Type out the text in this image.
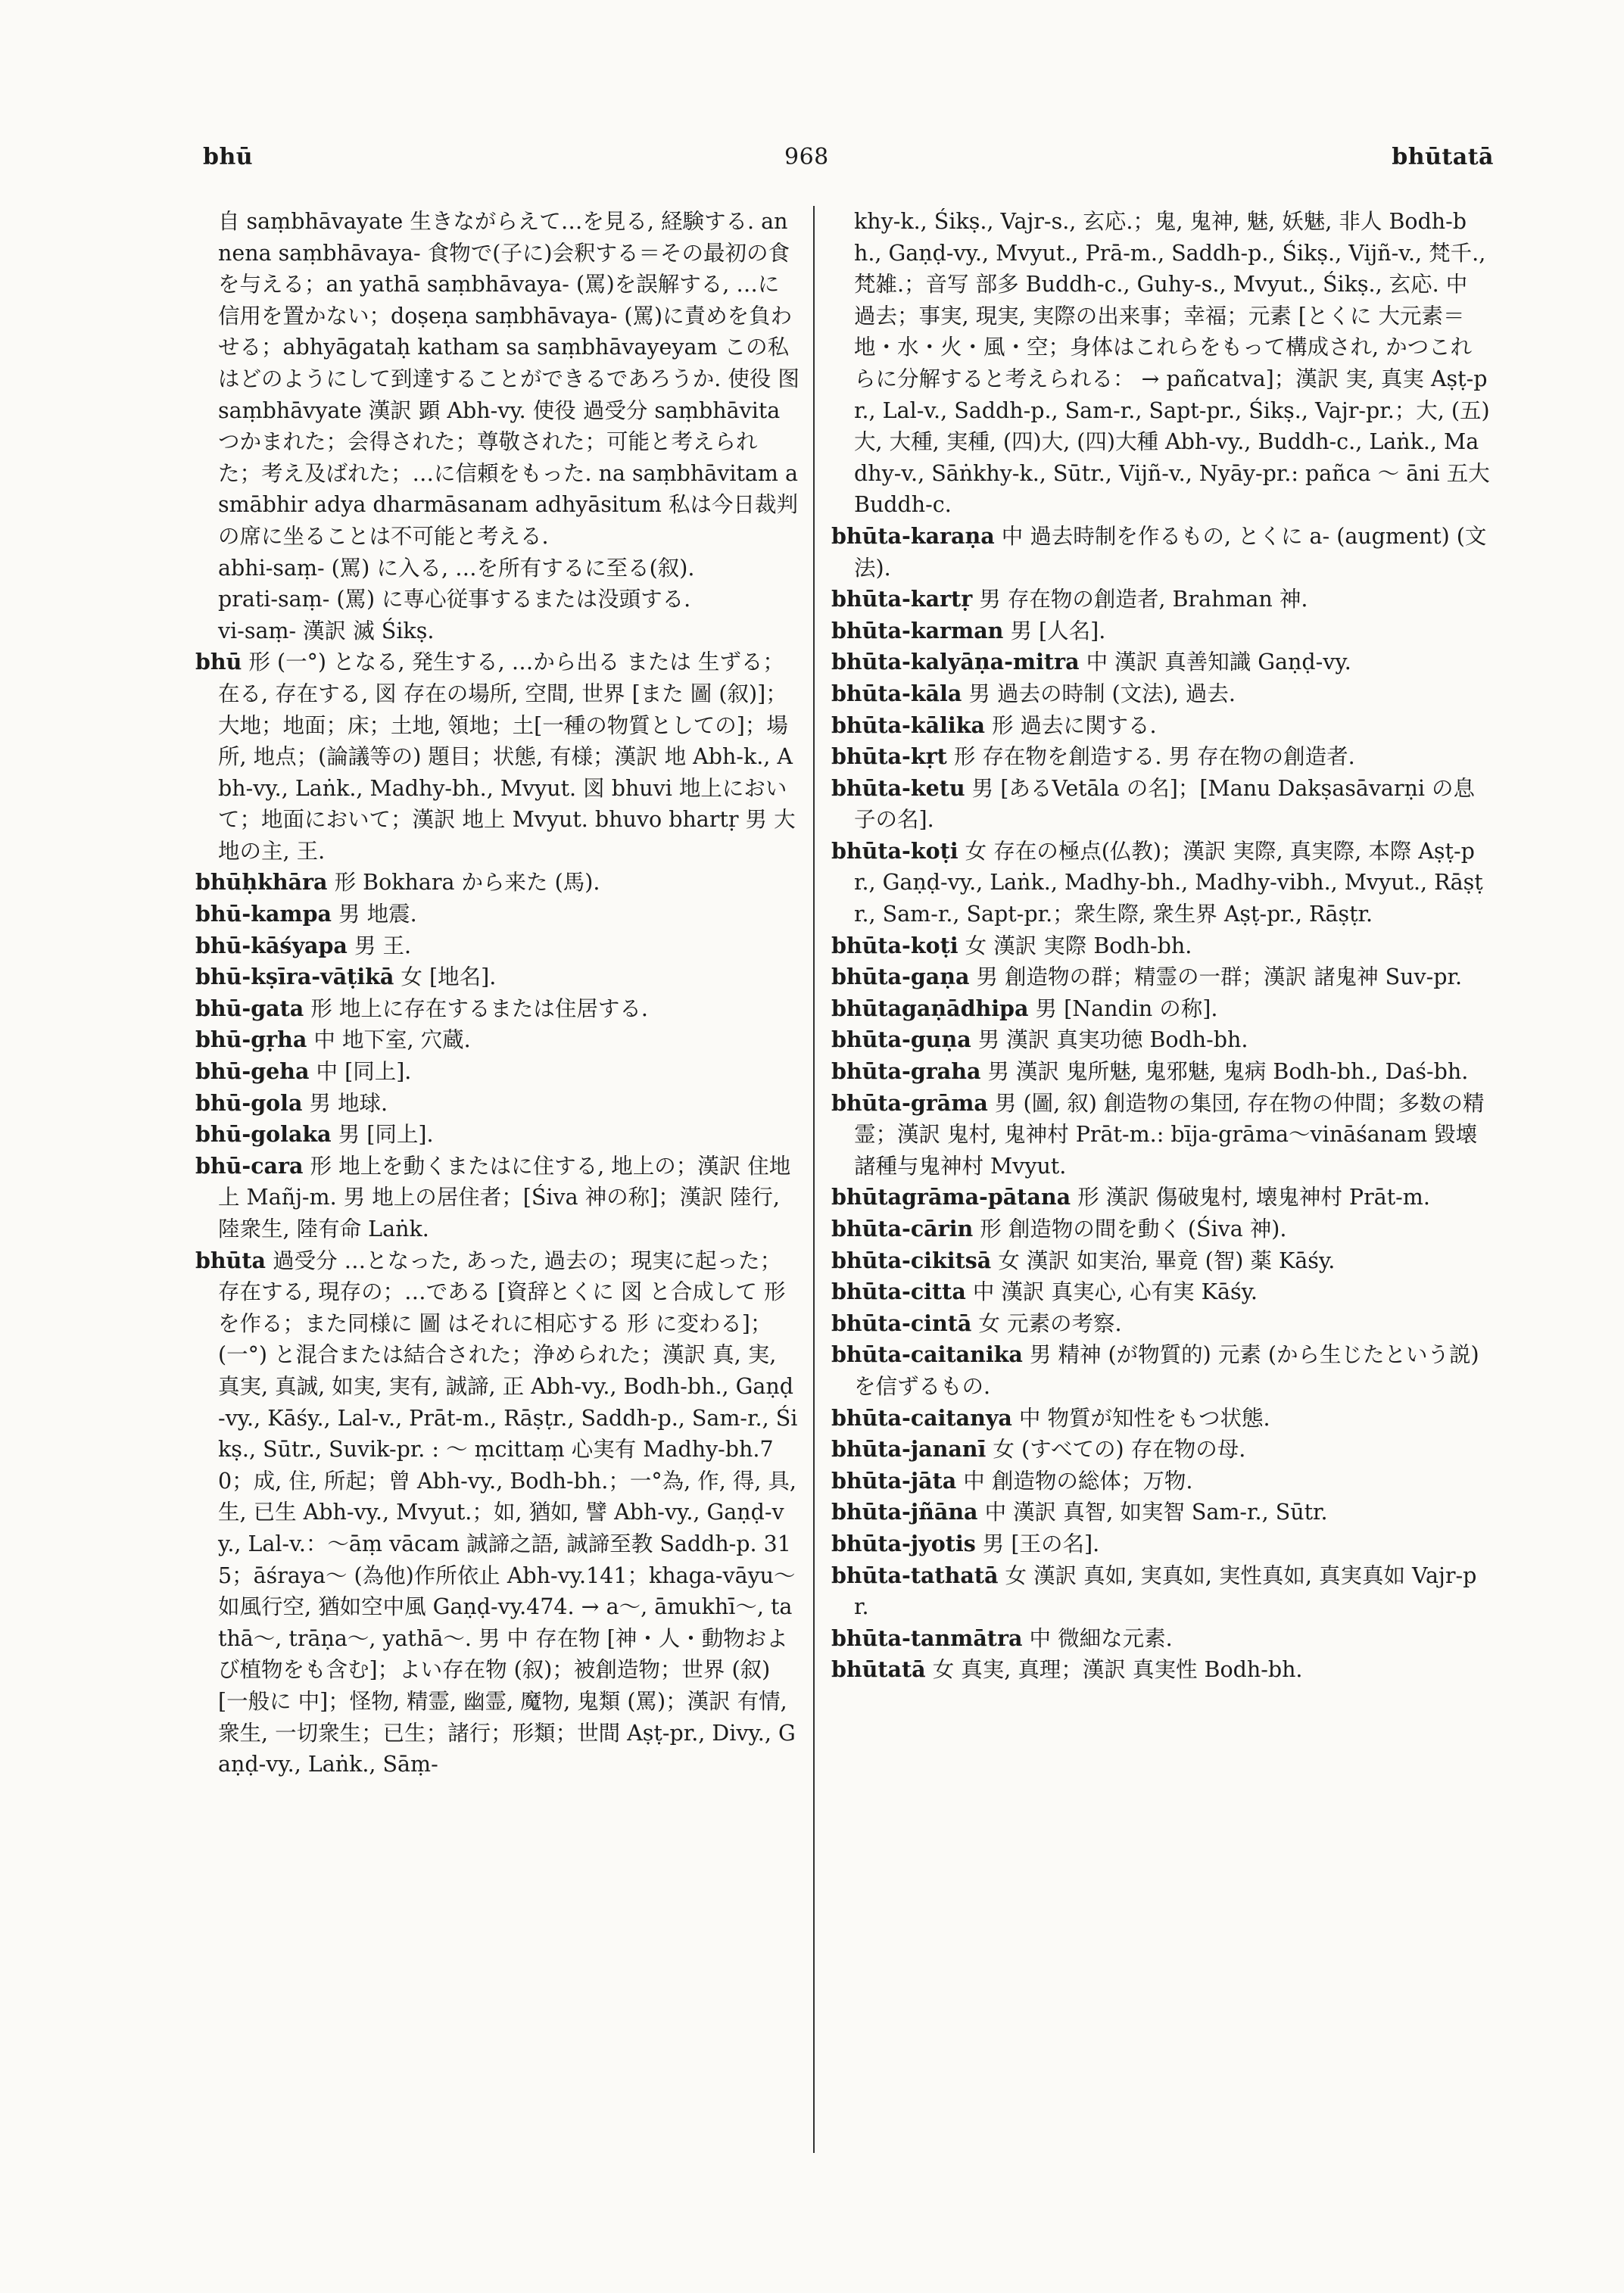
bhū	968	bhūtatā

自 saṃbhāvayate 生きながらえて…を見る, 経験する. annena saṃbhāvaya- 食物で(子に)会釈する＝その最初の食を与える；an yathā saṃbhāvaya- (罵)を誤解する, …に信用を置かない；doṣeṇa saṃbhāvaya- (罵)に責めを負わせる；abhyāgataḥ katham sa saṃbhāvayeyam この私はどのようにして到達することができるであろうか. 使役 图 saṃbhāvyate 漢訳 顕 Abh-vy. 使役 過受分 saṃbhāvita つかまれた；会得された；尊敬された；可能と考えられた；考え及ばれた；…に信頼をもった. na saṃbhāvitam asmābhir adya dharmāsanam adhyāsitum 私は今日裁判の席に坐ることは不可能と考える.

abhi-saṃ- (罵) に入る, …を所有するに至る(叙).

prati-saṃ- (罵) に専心従事するまたは没頭する.

vi-saṃ- 漢訳 滅 Śikṣ.

bhū 形 (一°) となる, 発生する, …から出る または 生ずる；在る, 存在する, 図 存在の場所, 空間, 世界 [また 圖 (叙)]；大地；地面；床；土地, 領地；土[一種の物質としての]；場所, 地点；(論議等の) 題目；状態, 有様；漢訳 地 Abh-k., Abh-vy., Laṅk., Madhy-bh., Mvyut. 図 bhuvi 地上において；地面において；漢訳 地上 Mvyut. bhuvo bhartṛ 男 大地の主, 王.

bhūḥkhāra 形 Bokhara から来た (馬).

bhū-kampa 男 地震.

bhū-kāśyapa 男 王.

bhū-kṣīra-vāṭikā 女 [地名].

bhū-gata 形 地上に存在するまたは住居する.

bhū-gṛha 中 地下室, 穴蔵.

bhū-geha 中 [同上].

bhū-gola 男 地球.

bhū-golaka 男 [同上].

bhū-cara 形 地上を動くまたはに住する, 地上の；漢訳 住地上 Mañj-m. 男 地上の居住者；[Śiva 神の称]；漢訳 陸行, 陸衆生, 陸有命 Laṅk.

bhūta 過受分 …となった, あった, 過去の；現実に起った；存在する, 現存の；…である [資辞とくに 図 と合成して 形 を作る；また同様に 圖 はそれに相応する 形 に変わる]；(一°) と混合または結合された；浄められた；漢訳 真, 実, 真実, 真誠, 如実, 実有, 誠諦, 正 Abh-vy., Bodh-bh., Gaṇḍ-vy., Kāśy., Lal-v., Prāt-m., Rāṣṭr., Saddh-p., Sam-r., Śikṣ., Sūtr., Suvik-pr. : ～ ṃcittaṃ 心実有 Madhy-bh.70；成, 住, 所起；曾 Abh-vy., Bodh-bh.；一°為, 作, 得, 具, 生, 已生 Abh-vy., Mvyut.；如, 猶如, 譬 Abh-vy., Gaṇḍ-vy., Lal-v.：～āṃ vācam 誠諦之語, 誠諦至教 Saddh-p. 315；āśraya～ (為他)作所依止 Abh-vy.141；khaga-vāyu～ 如風行空, 猶如空中風 Gaṇḍ-vy.474. → a～, āmukhī～, tathā～, trāṇa～, yathā～. 男 中 存在物 [神・人・動物および植物をも含む]；よい存在物 (叙)；被創造物；世界 (叙) [一般に 中]；怪物, 精霊, 幽霊, 魔物, 鬼類 (罵)；漢訳 有情, 衆生, 一切衆生；已生；諸行；形類；世間 Aṣṭ-pr., Divy., Gaṇḍ-vy., Laṅk., Sāṃ-

khy-k., Śikṣ., Vajr-s., 玄応.；鬼, 鬼神, 魅, 妖魅, 非人 Bodh-bh., Gaṇḍ-vy., Mvyut., Prā-m., Saddh-p., Śikṣ., Vijñ-v., 梵千., 梵雑.；音写 部多 Buddh-c., Guhy-s., Mvyut., Śikṣ., 玄応. 中 過去；事実, 現実, 実際の出来事；幸福；元素 [とくに 大元素＝地・水・火・風・空；身体はこれらをもって構成され, かつこれらに分解すると考えられる： → pañcatva]；漢訳 実, 真実 Aṣṭ-pr., Lal-v., Saddh-p., Sam-r., Sapt-pr., Śikṣ., Vajr-pr.；大, (五)大, 大種, 実種, (四)大, (四)大種 Abh-vy., Buddh-c., Laṅk., Madhy-v., Sāṅkhy-k., Sūtr., Vijñ-v., Nyāy-pr.: pañca ～ āni 五大 Buddh-c.

bhūta-karaṇa 中 過去時制を作るもの, とくに a- (augment) (文法).

bhūta-kartṛ 男 存在物の創造者, Brahman 神.

bhūta-karman 男 [人名].

bhūta-kalyāṇa-mitra 中 漢訳 真善知識 Gaṇḍ-vy.

bhūta-kāla 男 過去の時制 (文法), 過去.

bhūta-kālika 形 過去に関する.

bhūta-kṛt 形 存在物を創造する. 男 存在物の創造者.

bhūta-ketu 男 [あるVetāla の名]；[Manu Dakṣasāvarṇi の息子の名].

bhūta-koṭi 女 存在の極点(仏教)；漢訳 実際, 真実際, 本際 Aṣṭ-pr., Gaṇḍ-vy., Laṅk., Madhy-bh., Madhy-vibh., Mvyut., Rāṣṭr., Sam-r., Sapt-pr.；衆生際, 衆生界 Aṣṭ-pr., Rāṣṭr.

bhūta-koṭi 女 漢訳 実際 Bodh-bh.

bhūta-gaṇa 男 創造物の群；精霊の一群；漢訳 諸鬼神 Suv-pr.

bhūtagaṇādhipa 男 [Nandin の称].

bhūta-guṇa 男 漢訳 真実功徳 Bodh-bh.

bhūta-graha 男 漢訳 鬼所魅, 鬼邪魅, 鬼病 Bodh-bh., Daś-bh.

bhūta-grāma 男 (圖, 叙) 創造物の集団, 存在物の仲間；多数の精霊；漢訳 鬼村, 鬼神村 Prāt-m.: bīja-grāma～vināśanam 毀壊諸種与鬼神村 Mvyut.

bhūtagrāma-pātana 形 漢訳 傷破鬼村, 壊鬼神村 Prāt-m.

bhūta-cārin 形 創造物の間を動く (Śiva 神).

bhūta-cikitsā 女 漢訳 如実治, 畢竟 (智) 薬 Kāśy.

bhūta-citta 中 漢訳 真実心, 心有実 Kāśy.

bhūta-cintā 女 元素の考察.

bhūta-caitanika 男 精神 (が物質的) 元素 (から生じたという説)を信ずるもの.

bhūta-caitanya 中 物質が知性をもつ状態.

bhūta-jananī 女 (すべての) 存在物の母.

bhūta-jāta 中 創造物の総体；万物.

bhūta-jñāna 中 漢訳 真智, 如実智 Sam-r., Sūtr.

bhūta-jyotis 男 [王の名].

bhūta-tathatā 女 漢訳 真如, 実真如, 実性真如, 真実真如 Vajr-pr.

bhūta-tanmātra 中 微細な元素.

bhūtatā 女 真実, 真理；漢訳 真実性 Bodh-bh.
